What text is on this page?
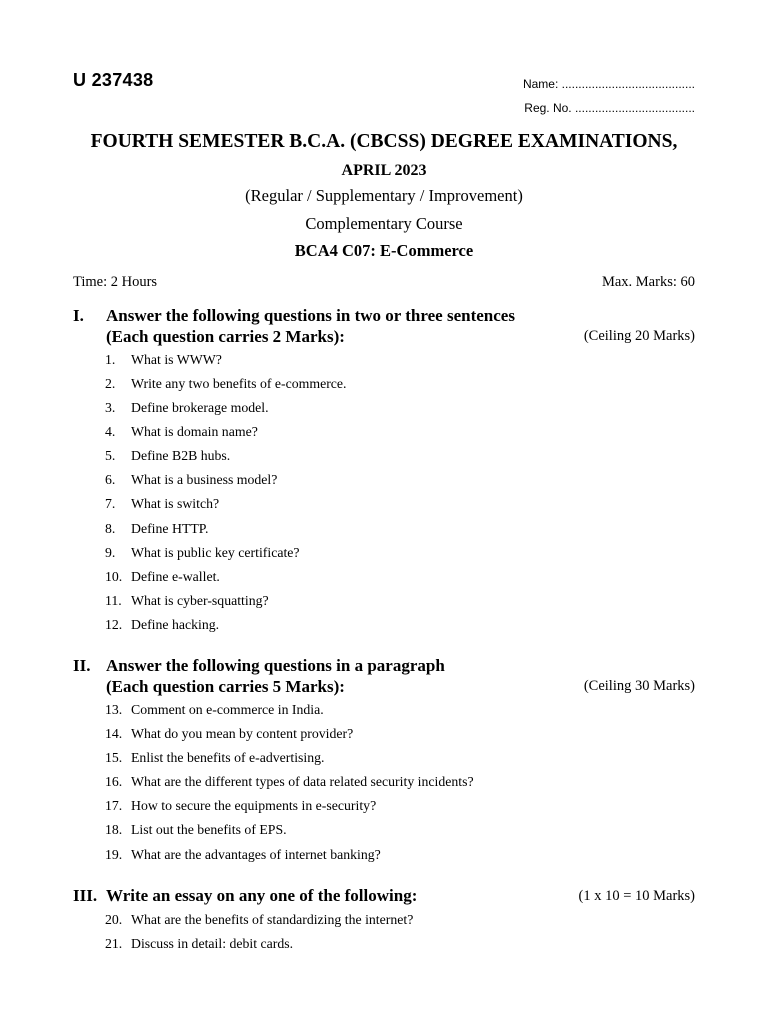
U 237438	Name: ........................................
Reg. No. ....................................
FOURTH SEMESTER B.C.A. (CBCSS) DEGREE EXAMINATIONS,
APRIL 2023
(Regular / Supplementary / Improvement)
Complementary Course
BCA4 C07: E-Commerce
Time: 2 Hours	Max. Marks: 60
I. Answer the following questions in two or three sentences
(Each question carries 2 Marks):	(Ceiling 20 Marks)
1. What is WWW?
2. Write any two benefits of e-commerce.
3. Define brokerage model.
4. What is domain name?
5. Define B2B hubs.
6. What is a business model?
7. What is switch?
8. Define HTTP.
9. What is public key certificate?
10. Define e-wallet.
11. What is cyber-squatting?
12. Define hacking.
II. Answer the following questions in a paragraph
(Each question carries 5 Marks):	(Ceiling 30 Marks)
13. Comment on e-commerce in India.
14. What do you mean by content provider?
15. Enlist the benefits of e-advertising.
16. What are the different types of data related security incidents?
17. How to secure the equipments in e-security?
18. List out the benefits of EPS.
19. What are the advantages of internet banking?
III. Write an essay on any one of the following:	(1 x 10 = 10 Marks)
20. What are the benefits of standardizing the internet?
21. Discuss in detail: debit cards.
